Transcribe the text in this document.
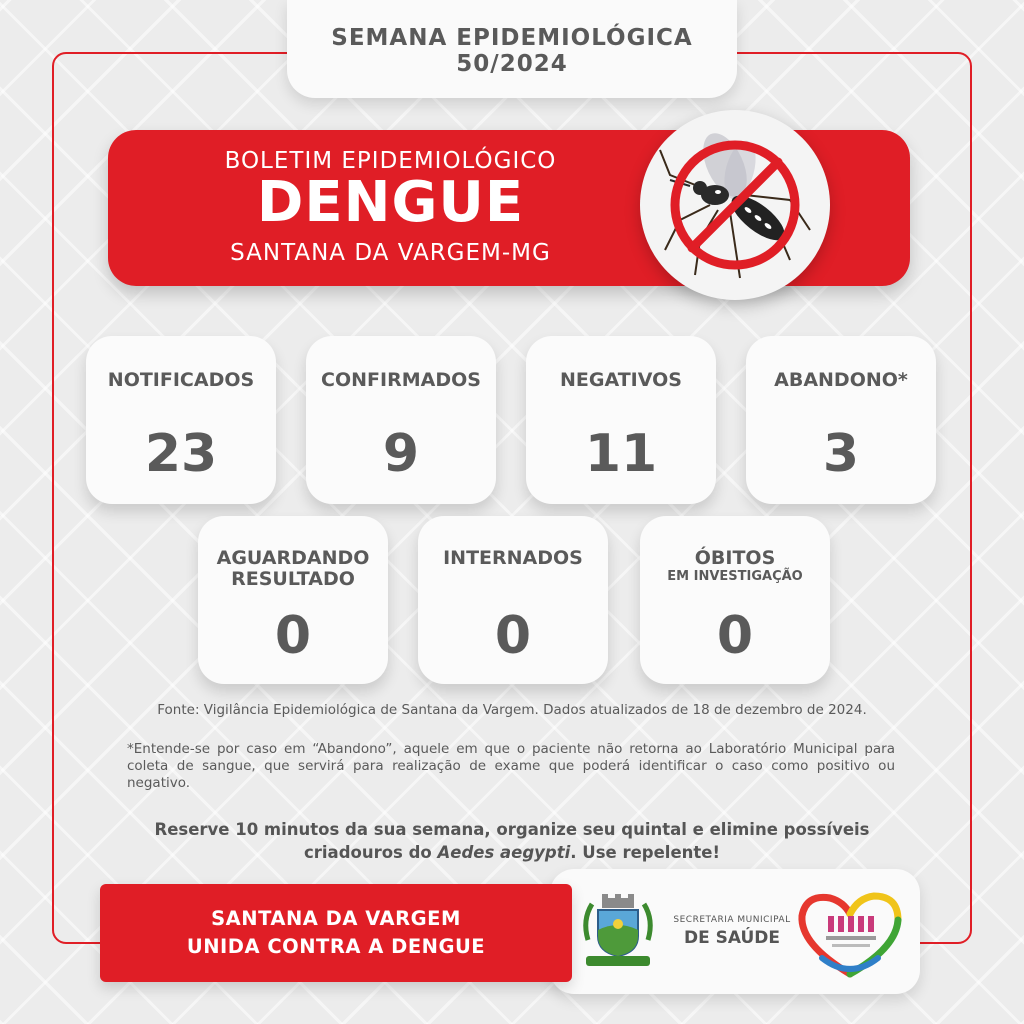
SEMANA EPIDEMIOLÓGICA
50/2024
BOLETIM EPIDEMIOLÓGICO
DENGUE
SANTANA DA VARGEM-MG
NOTIFICADOS
23
CONFIRMADOS
9
NEGATIVOS
11
ABANDONO*
3
AGUARDANDO
RESULTADO
0
INTERNADOS
0
ÓBITOS
EM INVESTIGAÇÃO
0
Fonte: Vigilância Epidemiológica de Santana da Vargem. Dados atualizados de 18 de dezembro de 2024.
*Entende-se por caso em “Abandono”, aquele em que o paciente não retorna ao Laboratório Municipal para coleta de sangue, que servirá para realização de exame que poderá identificar o caso como positivo ou negativo.
Reserve 10 minutos da sua semana, organize seu quintal e elimine possíveis
criadouros do Aedes aegypti. Use repelente!
SANTANA DA VARGEM
UNIDA CONTRA A DENGUE
SECRETARIA MUNICIPAL
DE SAÚDE
